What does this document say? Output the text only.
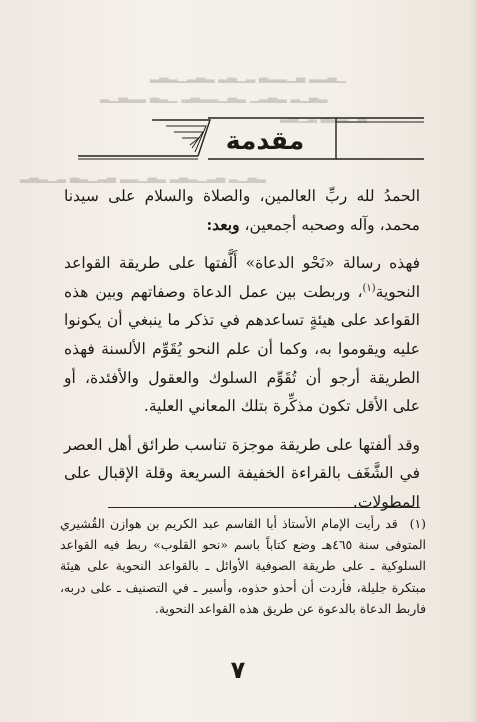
▂▃▂▁▂▃▂ ▂▃▁▂ ▃▂▂▁▃ ▂▂▃▁
▂▁▃▂▂ ▃▂▁ ▂▃▂▂▁▃▂ ▁▂▃▂ ▂▁▃▂
▂▃▁▂ ▃▂▂▁▃
▂▃▂▁▂ ▃▂▁▂▃ ▂▂▁▃▂ ▂▃▂▁▂▃ ▂▁▃▂
مقدمة

الحمدُ لله ربِّ العالمين، والصلاة والسلام على سيدنا محمد، وآله وصحبه أجمعين، وبعد:

فهذه رسالة «نَحْو الدعاة» أَلَّفتها على طريقة القواعد النحوية$^{(١)}$، وربطت بين عمل الدعاة وصفاتهم وبين هذه القواعد على هيئةٍ تساعدهم في تذكر ما ينبغي أن يكونوا عليه ويقوموا به، وكما أن علم النحو يُقَوِّم الألسنة فهذه الطريقة أرجو أن تُقَوِّم السلوك والعقول والأفئدة، أو على الأقل تكون مذكِّرة بتلك المعاني العلية.

وقد ألفتها على طريقة موجزة تناسب طرائق أهل العصر في الشَّغَف بالقراءة الخفيفة السريعة وقلة الإقبال على المطولات.

(١)قد رأيت الإمام الأستاذ أبا القاسم عبد الكريم بن هوازن القُشيري المتوفى سنة ٤٦٥هـ وضع كتاباً باسم «نحو القلوب» ربط فيه القواعد السلوكية ـ على طريقة الصوفية الأوائل ـ بالقواعد النحوية على هيئة مبتكرة جليلة، فأردت أن أحذو حذوه، وأسير ـ في التصنيف ـ على دربه، فاربط الدعاة بالدعوة عن طريق هذه القواعد النحوية.
٧
